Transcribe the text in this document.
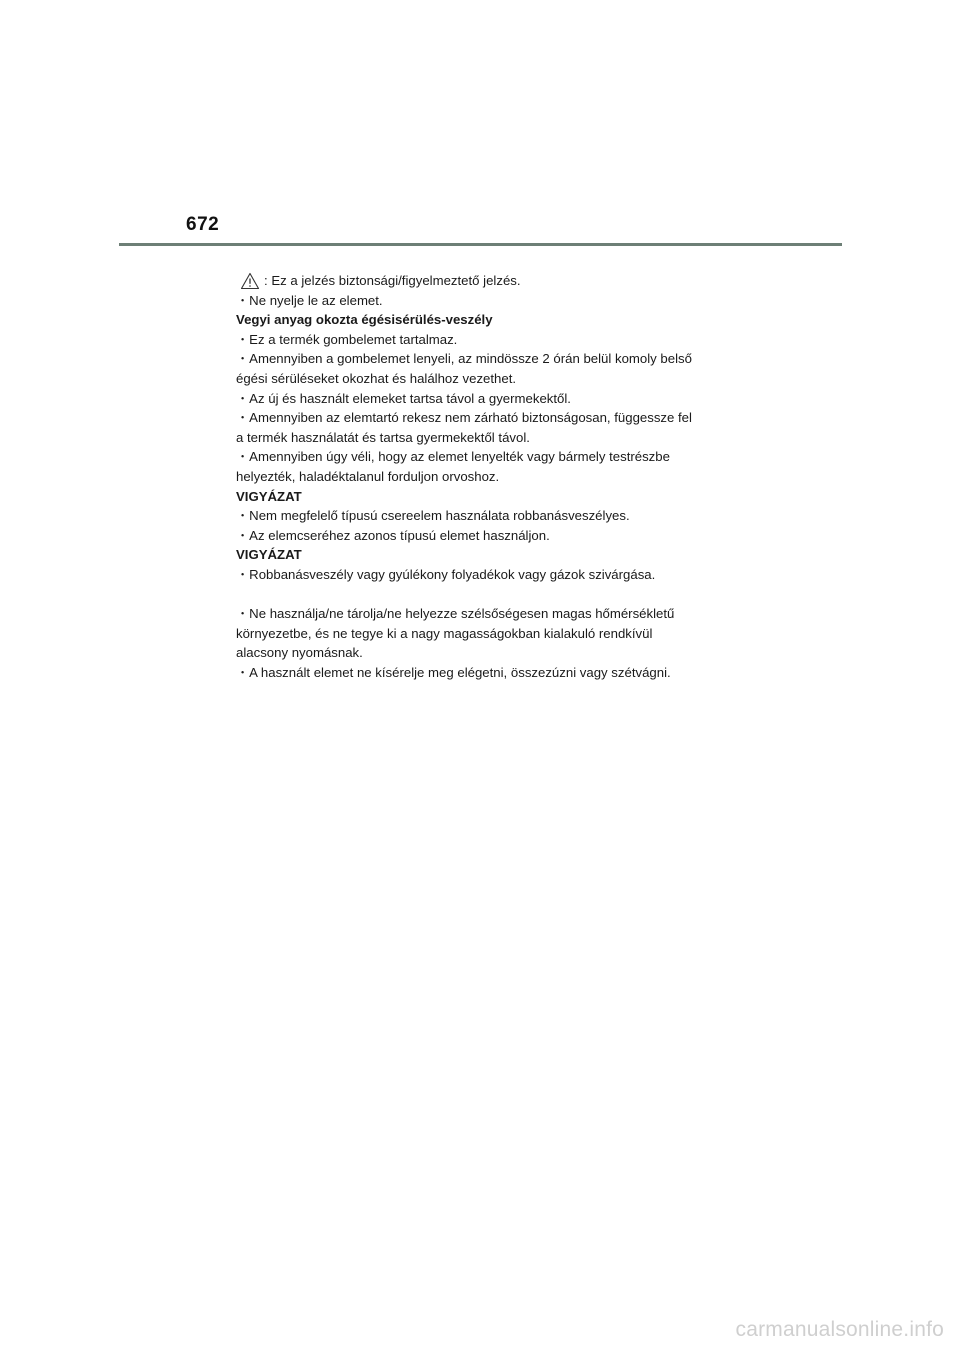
672
: Ez a jelzés biztonsági/figyelmeztető jelzés.
・Ne nyelje le az elemet.
Vegyi anyag okozta égésisérülés-veszély
・Ez a termék gombelemet tartalmaz.
・Amennyiben a gombelemet lenyeli, az mindössze 2 órán belül komoly belső
égési sérüléseket okozhat és halálhoz vezethet.
・Az új és használt elemeket tartsa távol a gyermekektől.
・Amennyiben az elemtartó rekesz nem zárható biztonságosan, függessze fel
a termék használatát és tartsa gyermekektől távol.
・Amennyiben úgy véli, hogy az elemet lenyelték vagy bármely testrészbe
helyezték, haladéktalanul forduljon orvoshoz.
VIGYÁZAT
・Nem megfelelő típusú csereelem használata robbanásveszélyes.
・Az elemcseréhez azonos típusú elemet használjon.
VIGYÁZAT
・Robbanásveszély vagy gyúlékony folyadékok vagy gázok szivárgása.
・Ne használja/ne tárolja/ne helyezze szélsőségesen magas hőmérsékletű
környezetbe, és ne tegye ki a nagy magasságokban kialakuló rendkívül
alacsony nyomásnak.
・A használt elemet ne kísérelje meg elégetni, összezúzni vagy szétvágni.
carmanualsonline.info
